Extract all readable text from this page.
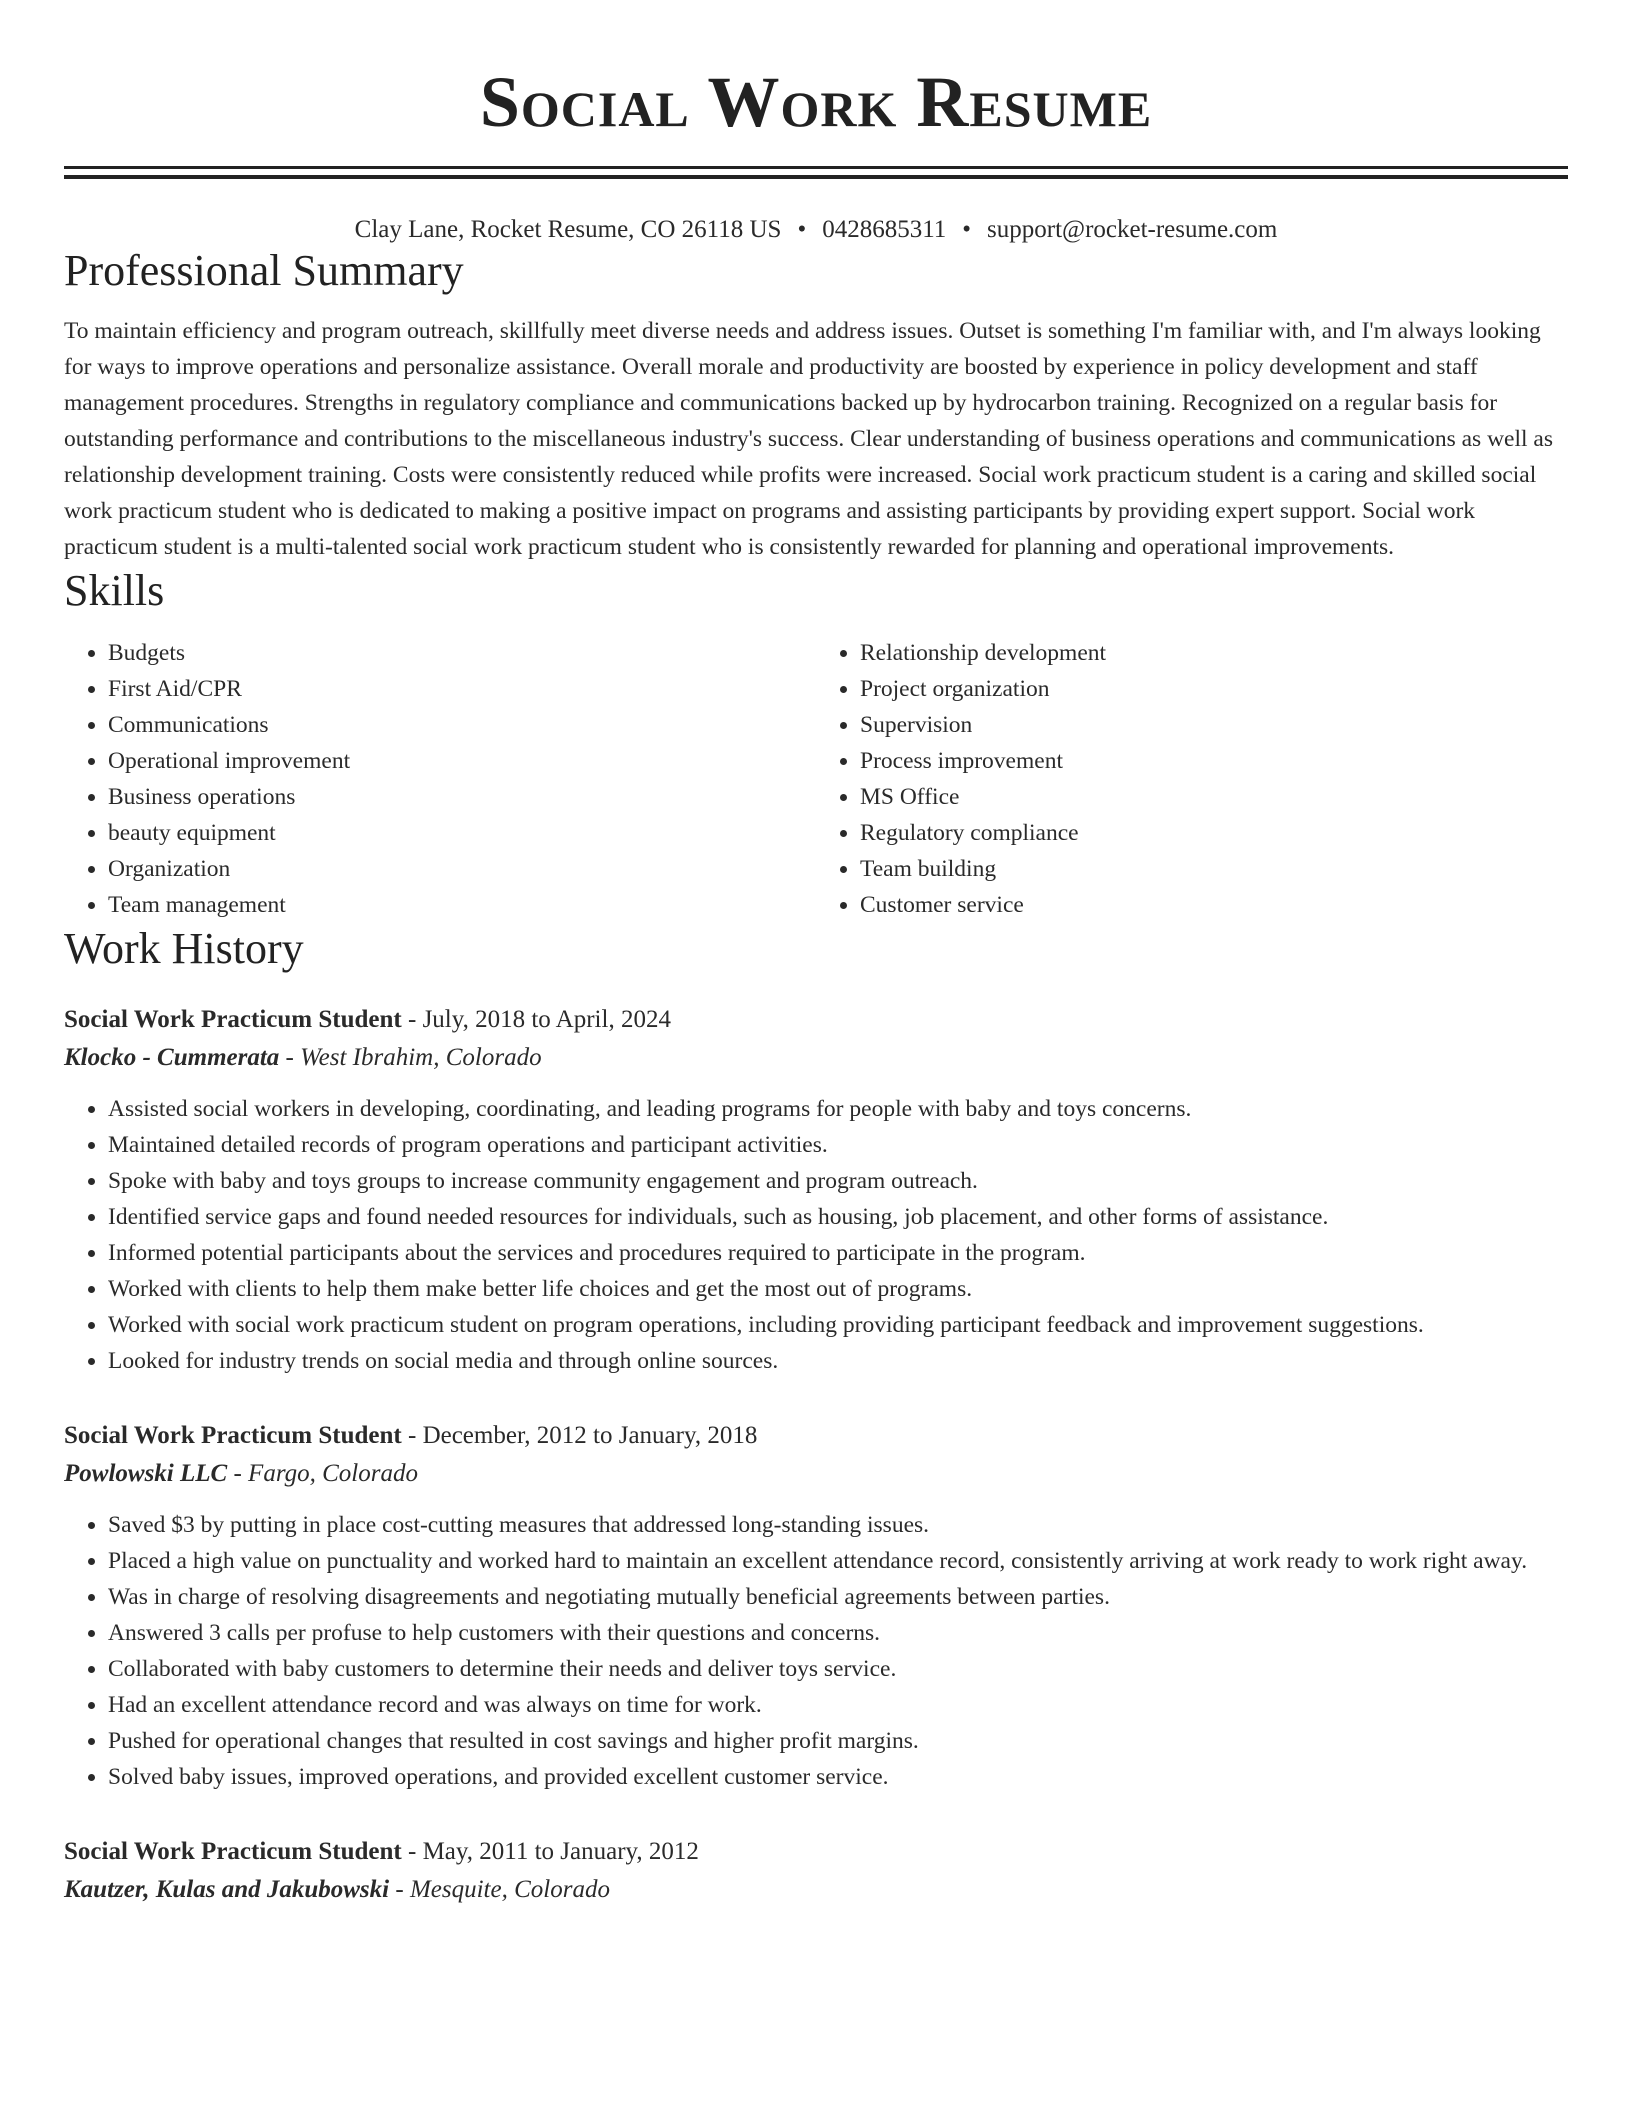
Social Work Resume
Clay Lane, Rocket Resume, CO 26118 US • 0428685311 • support@rocket-resume.com
Professional Summary

To maintain efficiency and program outreach, skillfully meet diverse needs and address issues. Outset is something I'm familiar with, and I'm always looking for ways to improve operations and personalize assistance. Overall morale and productivity are boosted by experience in policy development and staff management procedures. Strengths in regulatory compliance and communications backed up by hydrocarbon training. Recognized on a regular basis for outstanding performance and contributions to the miscellaneous industry's success. Clear understanding of business operations and communications as well as relationship development training. Costs were consistently reduced while profits were increased. Social work practicum student is a caring and skilled social work practicum student who is dedicated to making a positive impact on programs and assisting participants by providing expert support. Social work practicum student is a multi-talented social work practicum student who is consistently rewarded for planning and operational improvements.

Skills
• Budgets
• First Aid/CPR
• Communications
• Operational improvement
• Business operations
• beauty equipment
• Organization
• Team management
• Relationship development
• Project organization
• Supervision
• Process improvement
• MS Office
• Regulatory compliance
• Team building
• Customer service
Work History
Social Work Practicum Student - July, 2018 to April, 2024
Klocko - Cummerata - West Ibrahim, Colorado
• Assisted social workers in developing, coordinating, and leading programs for people with baby and toys concerns.
• Maintained detailed records of program operations and participant activities.
• Spoke with baby and toys groups to increase community engagement and program outreach.
• Identified service gaps and found needed resources for individuals, such as housing, job placement, and other forms of assistance.
• Informed potential participants about the services and procedures required to participate in the program.
• Worked with clients to help them make better life choices and get the most out of programs.
• Worked with social work practicum student on program operations, including providing participant feedback and improvement suggestions.
• Looked for industry trends on social media and through online sources.
Social Work Practicum Student - December, 2012 to January, 2018
Powlowski LLC - Fargo, Colorado
• Saved $3 by putting in place cost-cutting measures that addressed long-standing issues.
• Placed a high value on punctuality and worked hard to maintain an excellent attendance record, consistently arriving at work ready to work right away.
• Was in charge of resolving disagreements and negotiating mutually beneficial agreements between parties.
• Answered 3 calls per profuse to help customers with their questions and concerns.
• Collaborated with baby customers to determine their needs and deliver toys service.
• Had an excellent attendance record and was always on time for work.
• Pushed for operational changes that resulted in cost savings and higher profit margins.
• Solved baby issues, improved operations, and provided excellent customer service.
Social Work Practicum Student - May, 2011 to January, 2012
Kautzer, Kulas and Jakubowski - Mesquite, Colorado
